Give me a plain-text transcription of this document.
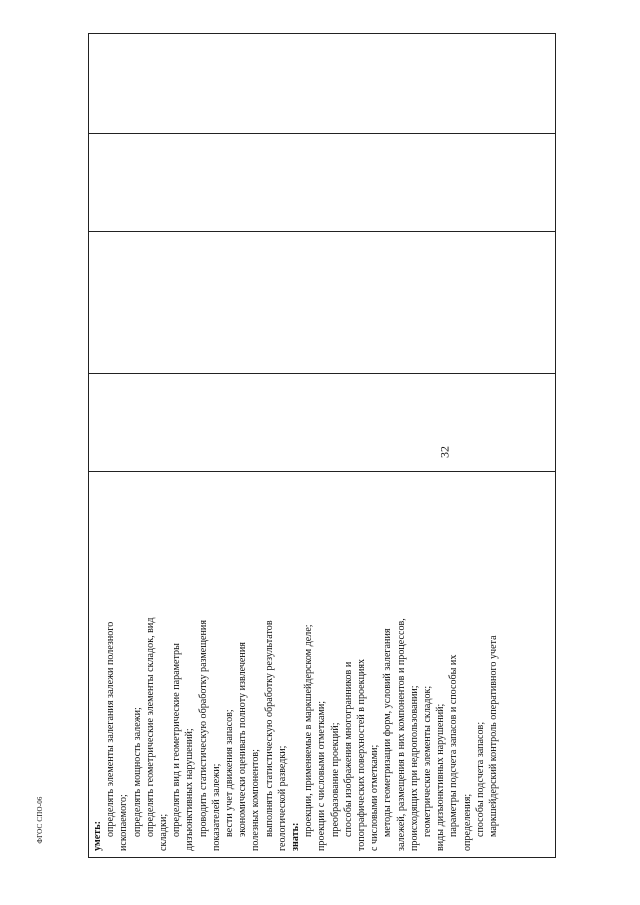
32
уметь: определять элементы залегания залежи полезного ископаемого; определять мощность залежи; определять геометрические элементы складок, вид складки; определять вид и геометрические параметры дизъюнктивных нарушений; проводить статистическую обработку размещения показателей залежи; вести учет движения запасов; экономически оценивать полноту извлечения полезных компонентов; выполнять статистическую обработку результатов геологической разведки; знать: проекции, применяемые в маркшейдерском деле; проекции с числовыми отметками; преобразование проекций; способы изображения многогранников и топографических поверхностей в проекциях с числовыми отметками; методы геометризации форм, условий залегания залежей, размещения в них компонентов и процессов, происходящих при недропользовании; геометрические элементы складок; виды дизъюнктивных нарушений; параметры подсчета запасов и способы их определения; способы подсчета запасов; маркшейдерский контроль оперативного учета

ФГОС СПО-06
